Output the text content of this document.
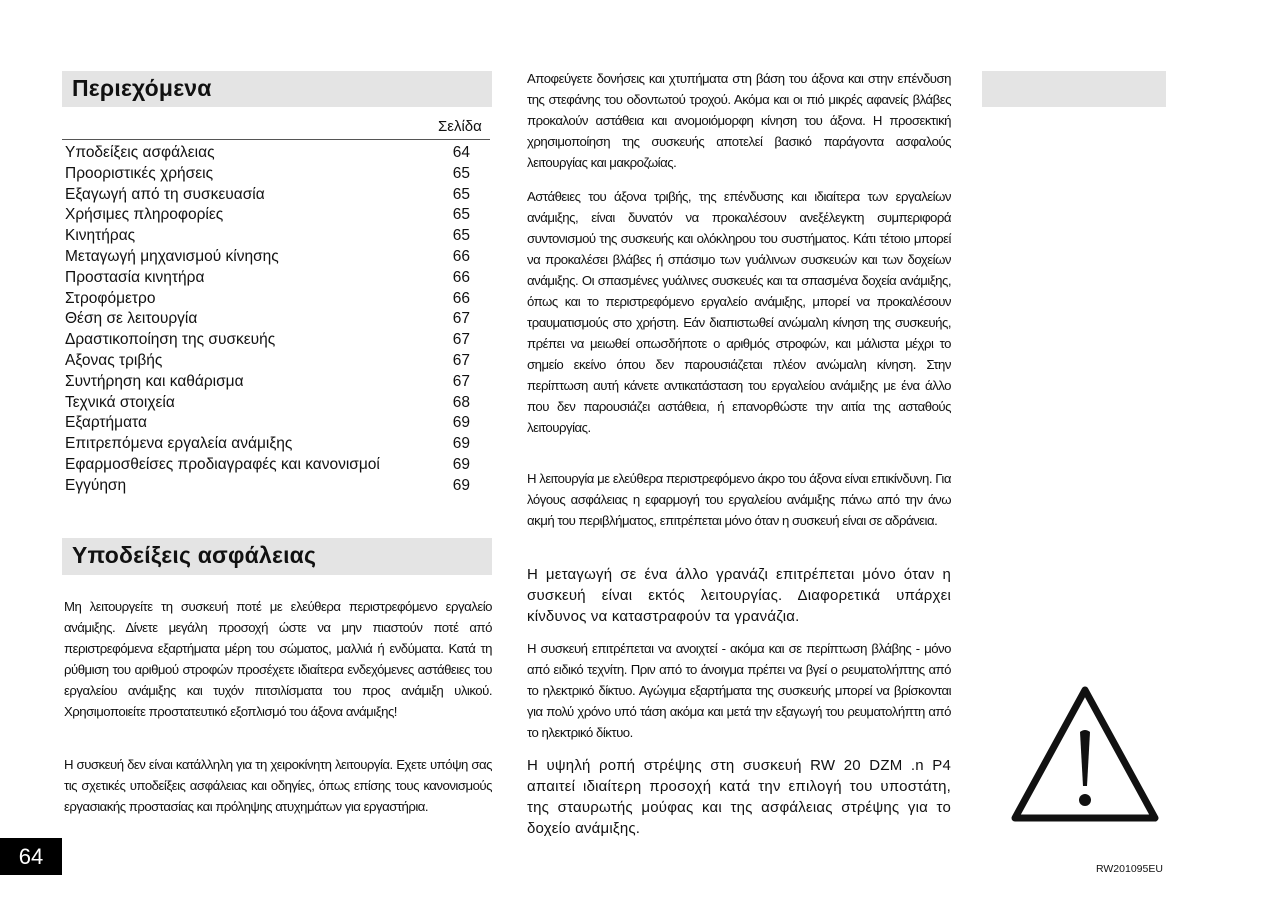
Περιεχόμενα
Σελίδα
Υποδείξεις ασφάλειας	64
Προοριστικές χρήσεις	65
Εξαγωγή από τη συσκευασία	65
Χρήσιμες πληροφορίες	65
Κινητήρας	65
Μεταγωγή μηχανισμού κίνησης	66
Προστασία κινητήρα	66
Στροφόμετρο	66
Θέση σε λειτουργία	67
Δραστικοποίηση της συσκευής	67
Αξονας τριβής	67
Συντήρηση και καθάρισμα	67
Τεχνικά στοιχεία	68
Εξαρτήματα	69
Επιτρεπόμενα εργαλεία ανάμιξης	69
Εφαρμοσθείσες προδιαγραφές και κανονισμοί	69
Εγγύηση	69
Υποδείξεις ασφάλειας

Μη λειτουργείτε τη συσκευή ποτέ με ελεύθερα περιστρεφόμενο εργαλείο ανάμιξης. Δίνετε μεγάλη προσοχή ώστε να μην πιαστούν ποτέ από περιστρεφόμενα εξαρτήματα μέρη του σώματος, μαλλιά ή ενδύματα. Κατά τη ρύθμιση του αριθμού στροφών προσέχετε ιδιαίτερα ενδεχόμενες αστάθειες του εργαλείου ανάμιξης και τυχόν πιτσιλίσματα του προς ανάμιξη υλικού. Χρησιμοποιείτε προστατευτικό εξοπλισμό του άξονα ανάμιξης!

Η συσκευή δεν είναι κατάλληλη για τη χειροκίνητη λειτουργία. Εχετε υπόψη σας τις σχετικές υποδείξεις ασφάλειας και οδηγίες, όπως επίσης τους κανονισμούς εργασιακής προστασίας και πρόληψης ατυχημάτων για εργαστήρια.

Αποφεύγετε δονήσεις και χτυπήματα στη βάση του άξονα και στην επένδυση της στεφάνης του οδοντωτού τροχού. Ακόμα και οι πιό μικρές αφανείς βλάβες προκαλούν αστάθεια και ανομοιόμορφη κίνηση του άξονα. Η προσεκτική χρησιμοποίηση της συσκευής αποτελεί βασικό παράγοντα ασφαλούς λειτουργίας και μακροζωίας.

Αστάθειες του άξονα τριβής, της επένδυσης και ιδιαίτερα των εργαλείων ανάμιξης, είναι δυνατόν να προκαλέσουν ανεξέλεγκτη συμπεριφορά συντονισμού της συσκευής και ολόκληρου του συστήματος. Κάτι τέτοιο μπορεί να προκαλέσει βλάβες ή σπάσιμο των γυάλινων συσκευών και των δοχείων ανάμιξης. Οι σπασμένες γυάλινες συσκευές και τα σπασμένα δοχεία ανάμιξης, όπως και το περιστρεφόμενο εργαλείο ανάμιξης, μπορεί να προκαλέσουν τραυματισμούς στο χρήστη. Εάν διαπιστωθεί ανώμαλη κίνηση της συσκευής, πρέπει να μειωθεί οπωσδήποτε ο αριθμός στροφών, και μάλιστα μέχρι το σημείο εκείνο όπου δεν παρουσιάζεται πλέον ανώμαλη κίνηση. Στην περίπτωση αυτή κάνετε αντικατάσταση του εργαλείου ανάμιξης με ένα άλλο που δεν παρουσιάζει αστάθεια, ή επανορθώστε την αιτία της ασταθούς λειτουργίας.

Η λειτουργία με ελεύθερα περιστρεφόμενο άκρο του άξονα είναι επικίνδυνη. Για λόγους ασφάλειας η εφαρμογή του εργαλείου ανάμιξης πάνω από την άνω ακμή του περιβλήματος, επιτρέπεται μόνο όταν η συσκευή είναι σε αδράνεια.

Η μεταγωγή σε ένα άλλο γρανάζι επιτρέπεται μόνο όταν η συσκευή είναι εκτός λειτουργίας. Διαφορετικά υπάρχει κίνδυνος να καταστραφούν τα γρανάζια.

Η συσκευή επιτρέπεται να ανοιχτεί - ακόμα και σε περίπτωση βλάβης - μόνο από ειδικό τεχνίτη. Πριν από το άνοιγμα πρέπει να βγεί ο ρευματολήπτης από το ηλεκτρικό δίκτυο. Αγώγιμα εξαρτήματα της συσκευής μπορεί να βρίσκονται για πολύ χρόνο υπό τάση ακόμα και μετά την εξαγωγή του ρευματολήπτη από το ηλεκτρικό δίκτυο.

Η υψηλή ροπή στρέψης στη συσκευή RW 20 DZM .n P4 απαιτεί ιδιαίτερη προσοχή κατά την επιλογή του υποστάτη, της σταυρωτής μούφας και της ασφάλειας στρέψης για το δοχείο ανάμιξης.

64	RW201095EU
